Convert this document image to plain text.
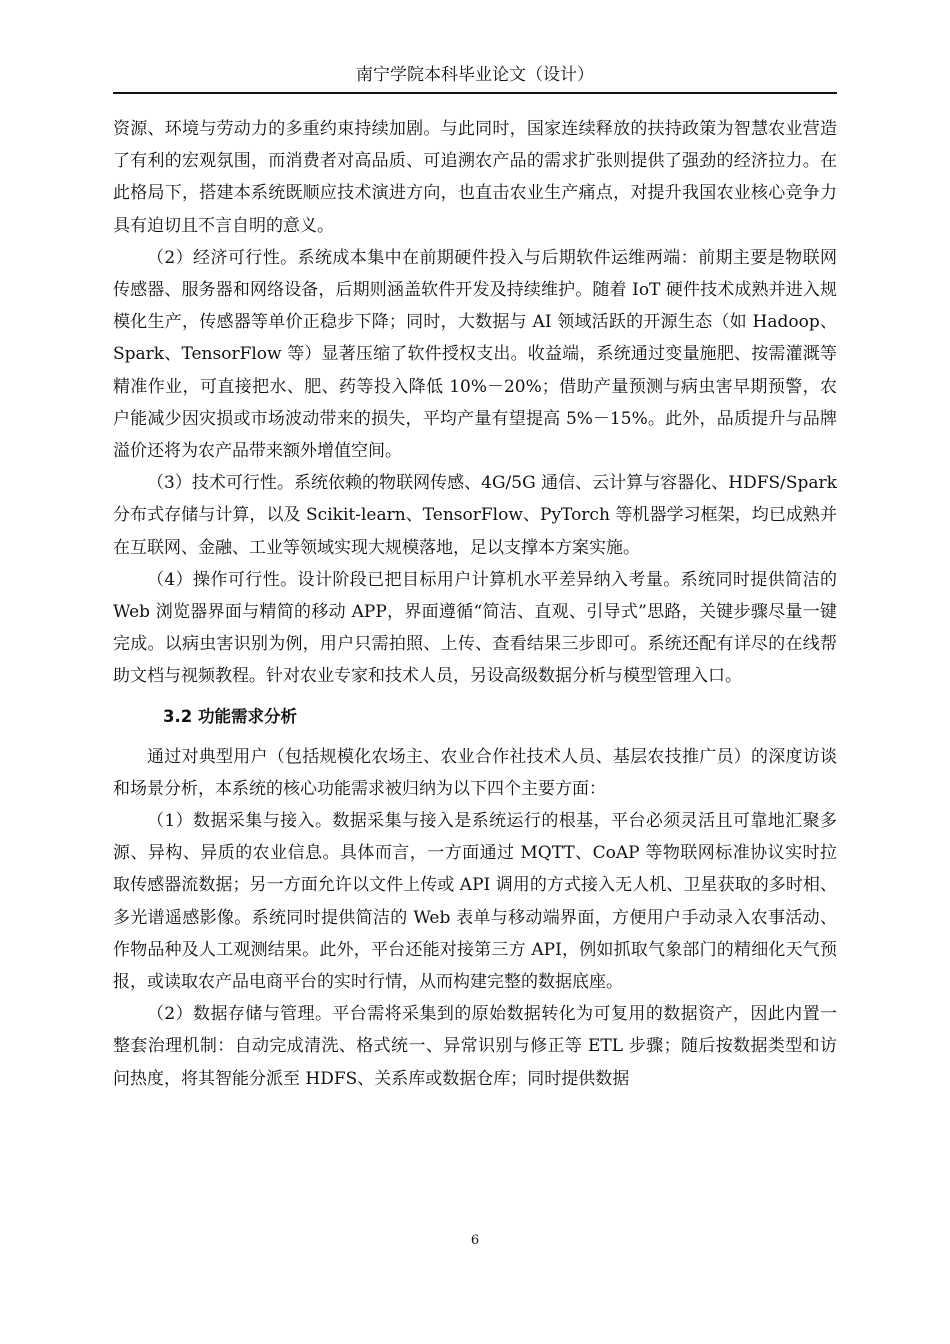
南宁学院本科毕业论文（设计）

资源、环境与劳动力的多重约束持续加剧。与此同时，国家连续释放的扶持政策为智慧农业营造了有利的宏观氛围，而消费者对高品质、可追溯农产品的需求扩张则提供了强劲的经济拉力。在此格局下，搭建本系统既顺应技术演进方向，也直击农业生产痛点，对提升我国农业核心竞争力具有迫切且不言自明的意义。

（2）经济可行性。系统成本集中在前期硬件投入与后期软件运维两端：前期主要是物联网传感器、服务器和网络设备，后期则涵盖软件开发及持续维护。随着 IoT 硬件技术成熟并进入规模化生产，传感器等单价正稳步下降；同时，大数据与 AI 领域活跃的开源生态（如 Hadoop、Spark、TensorFlow 等）显著压缩了软件授权支出。收益端，系统通过变量施肥、按需灌溉等精准作业，可直接把水、肥、药等投入降低 10%－20%；借助产量预测与病虫害早期预警，农户能减少因灾损或市场波动带来的损失，平均产量有望提高 5%－15%。此外，品质提升与品牌溢价还将为农产品带来额外增值空间。

（3）技术可行性。系统依赖的物联网传感、4G/5G 通信、云计算与容器化、HDFS/Spark 分布式存储与计算，以及 Scikit-learn、TensorFlow、PyTorch 等机器学习框架，均已成熟并在互联网、金融、工业等领域实现大规模落地，足以支撑本方案实施。

（4）操作可行性。设计阶段已把目标用户计算机水平差异纳入考量。系统同时提供简洁的 Web 浏览器界面与精简的移动 APP，界面遵循“简洁、直观、引导式”思路，关键步骤尽量一键完成。以病虫害识别为例，用户只需拍照、上传、查看结果三步即可。系统还配有详尽的在线帮助文档与视频教程。针对农业专家和技术人员，另设高级数据分析与模型管理入口。

3.2 功能需求分析

通过对典型用户（包括规模化农场主、农业合作社技术人员、基层农技推广员）的深度访谈和场景分析，本系统的核心功能需求被归纳为以下四个主要方面：

（1）数据采集与接入。数据采集与接入是系统运行的根基，平台必须灵活且可靠地汇聚多源、异构、异质的农业信息。具体而言，一方面通过 MQTT、CoAP 等物联网标准协议实时拉取传感器流数据；另一方面允许以文件上传或 API 调用的方式接入无人机、卫星获取的多时相、多光谱遥感影像。系统同时提供简洁的 Web 表单与移动端界面，方便用户手动录入农事活动、作物品种及人工观测结果。此外，平台还能对接第三方 API，例如抓取气象部门的精细化天气预报，或读取农产品电商平台的实时行情，从而构建完整的数据底座。

（2）数据存储与管理。平台需将采集到的原始数据转化为可复用的数据资产，因此内置一整套治理机制：自动完成清洗、格式统一、异常识别与修正等 ETL 步骤；随后按数据类型和访问热度，将其智能分派至 HDFS、关系库或数据仓库；同时提供数据

6
